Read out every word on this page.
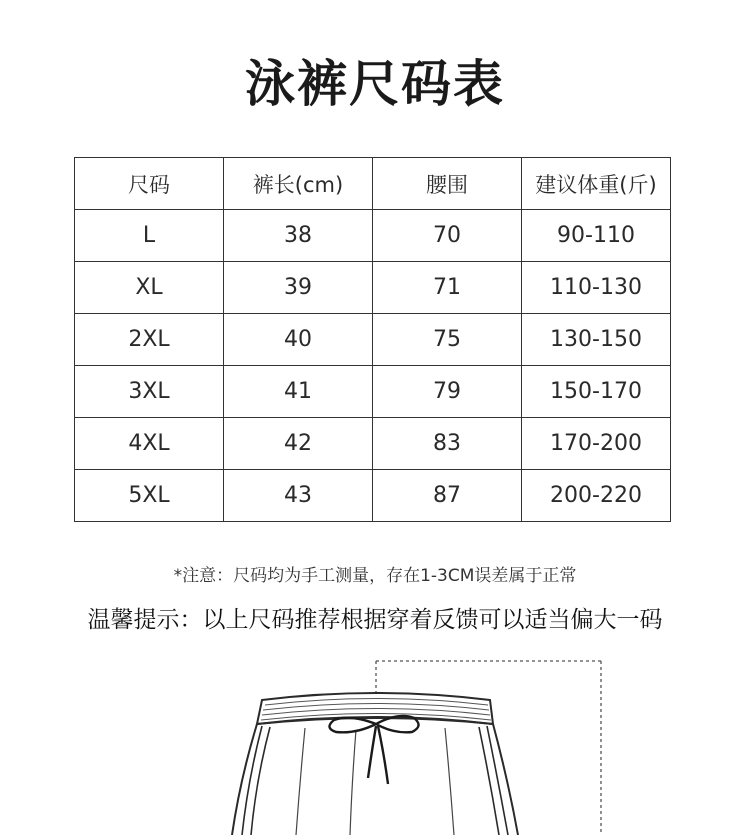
泳裤尺码表
尺码	裤长(cm)	腰围	建议体重(斤)
L	38	70	90-110
XL	39	71	110-130
2XL	40	75	130-150
3XL	41	79	150-170
4XL	42	83	170-200
5XL	43	87	200-220
*注意：尺码均为手工测量，存在1-3CM误差属于正常
温馨提示：以上尺码推荐根据穿着反馈可以适当偏大一码
